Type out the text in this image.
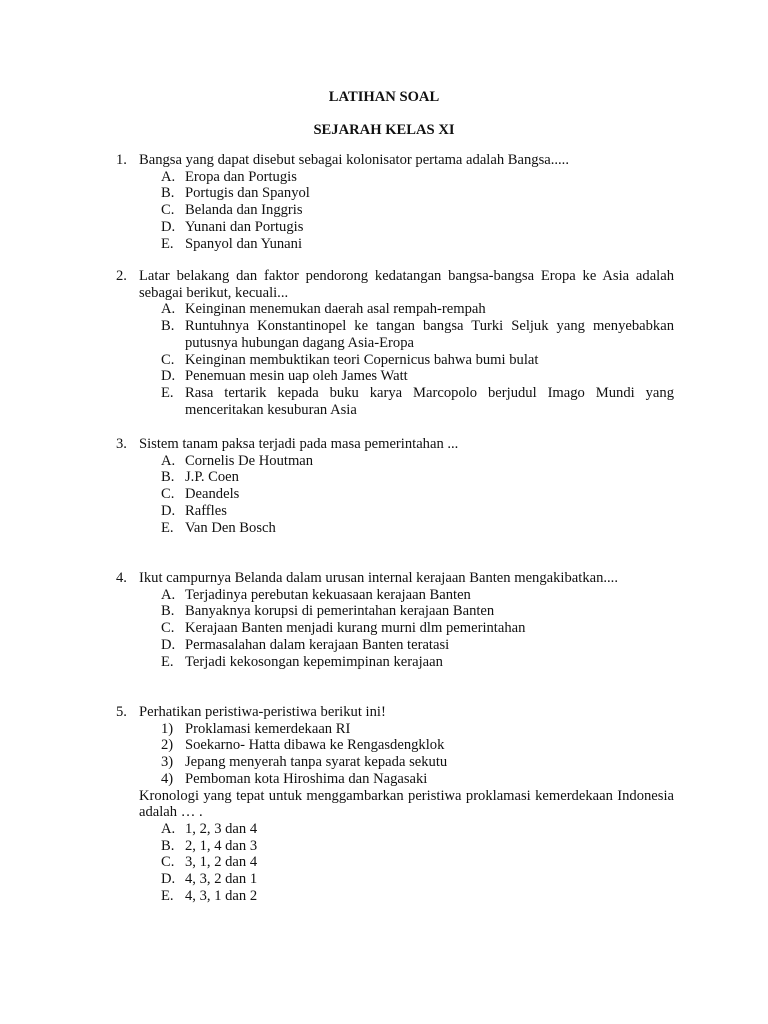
LATIHAN SOAL
SEJARAH KELAS XI
1. Bangsa yang dapat disebut sebagai kolonisator pertama adalah Bangsa.....
A. Eropa dan Portugis
B. Portugis dan Spanyol
C. Belanda dan Inggris
D. Yunani dan Portugis
E. Spanyol dan Yunani
2. Latar belakang dan faktor pendorong kedatangan bangsa-bangsa Eropa ke Asia adalah sebagai berikut, kecuali...
A. Keinginan menemukan daerah asal rempah-rempah
B. Runtuhnya Konstantinopel ke tangan bangsa Turki Seljuk yang menyebabkan putusnya hubungan dagang Asia-Eropa
C. Keinginan membuktikan teori Copernicus bahwa bumi bulat
D. Penemuan mesin uap oleh James Watt
E. Rasa tertarik kepada buku karya Marcopolo berjudul Imago Mundi yang menceritakan kesuburan Asia
3. Sistem tanam paksa terjadi pada masa pemerintahan ...
A. Cornelis De Houtman
B. J.P. Coen
C. Deandels
D. Raffles
E. Van Den Bosch
4. Ikut campurnya Belanda dalam urusan internal kerajaan Banten mengakibatkan....
A. Terjadinya perebutan kekuasaan kerajaan Banten
B. Banyaknya korupsi di pemerintahan kerajaan Banten
C. Kerajaan Banten menjadi kurang murni dlm pemerintahan
D. Permasalahan dalam kerajaan Banten teratasi
E. Terjadi kekosongan kepemimpinan kerajaan
5. Perhatikan peristiwa-peristiwa berikut ini!
1) Proklamasi kemerdekaan RI
2) Soekarno- Hatta dibawa ke Rengasdengklok
3) Jepang menyerah tanpa syarat kepada sekutu
4) Pemboman kota Hiroshima dan Nagasaki
Kronologi yang tepat untuk menggambarkan peristiwa proklamasi kemerdekaan Indonesia adalah … .
A. 1, 2, 3 dan 4
B. 2, 1, 4 dan 3
C. 3, 1, 2 dan 4
D. 4, 3, 2 dan 1
E. 4, 3, 1 dan 2
